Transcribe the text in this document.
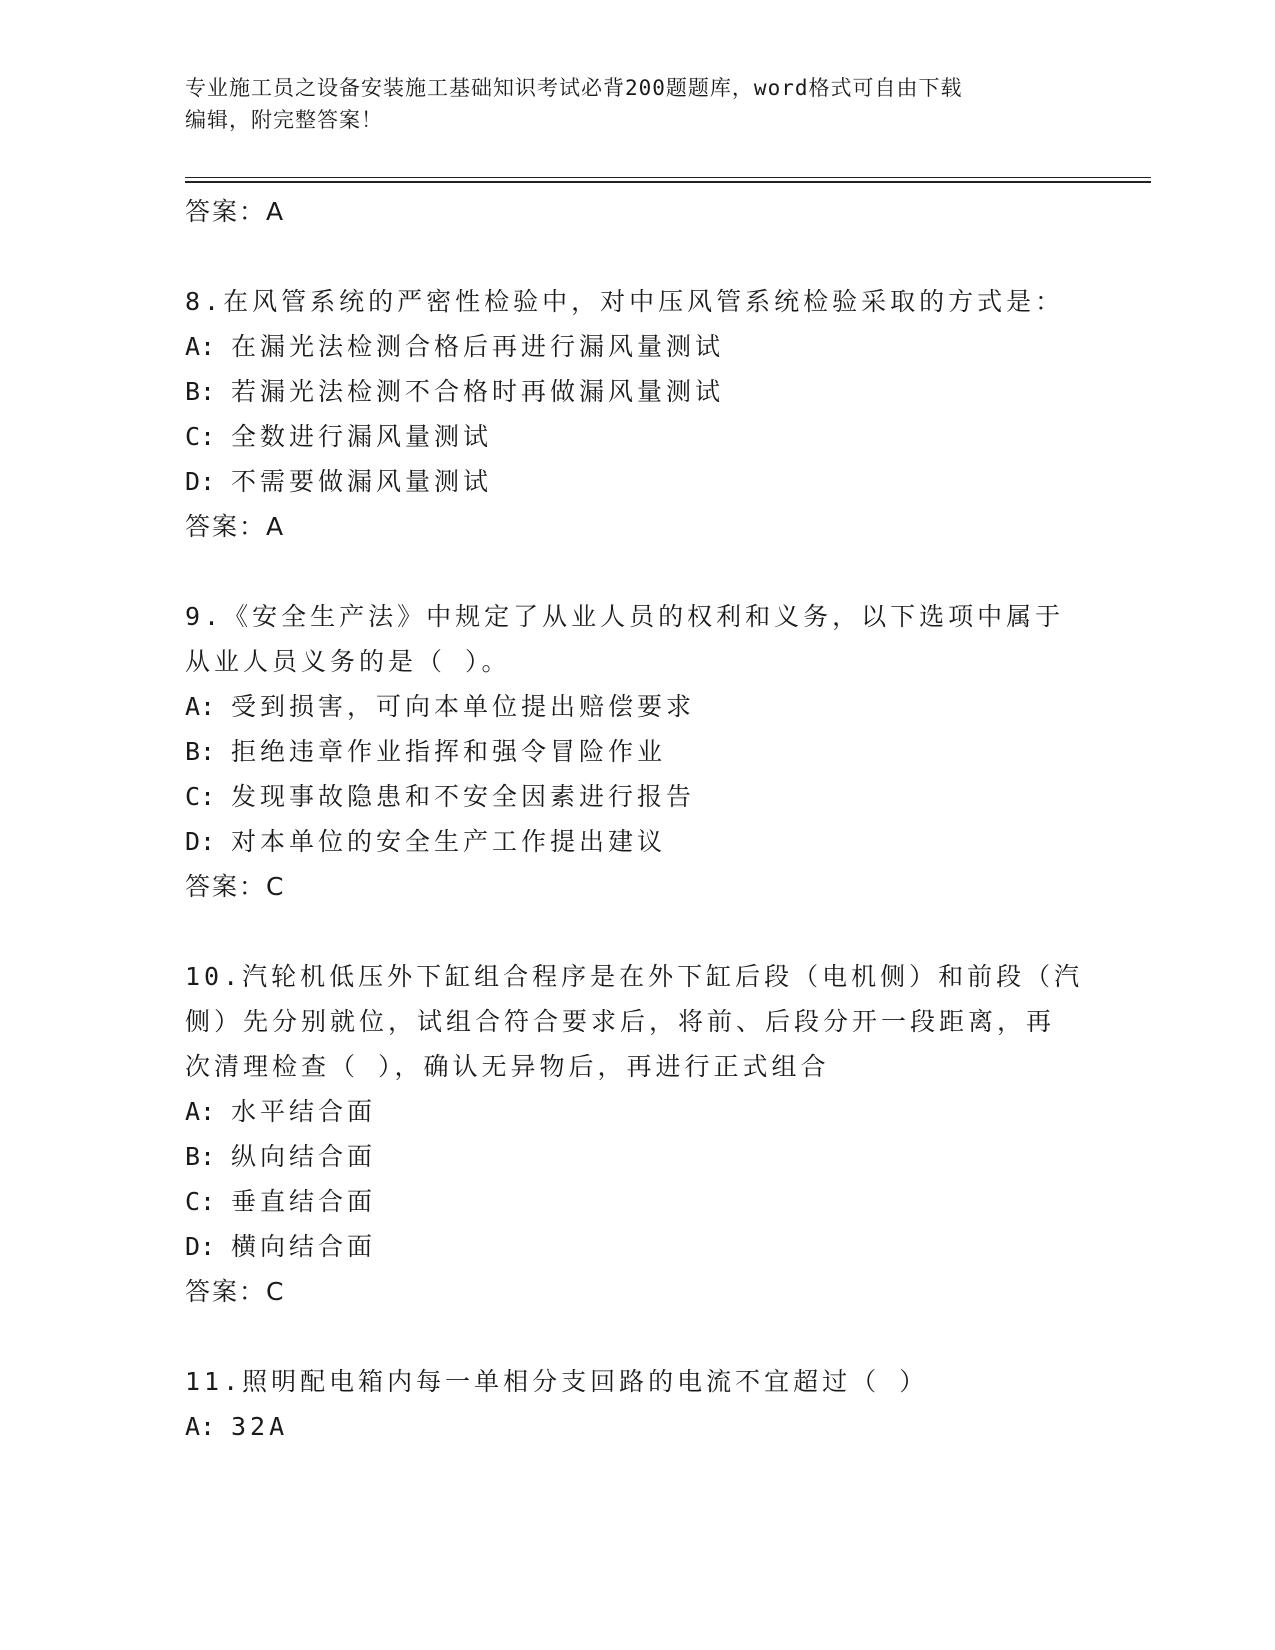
专业施工员之设备安装施工基础知识考试必背200题题库，word格式可自由下载
编辑，附完整答案！
答案：A
8.在风管系统的严密性检验中，对中压风管系统检验采取的方式是：
A: 在漏光法检测合格后再进行漏风量测试
B: 若漏光法检测不合格时再做漏风量测试
C: 全数进行漏风量测试
D: 不需要做漏风量测试
答案：A
9.《安全生产法》中规定了从业人员的权利和义务，以下选项中属于
从业人员义务的是（ ）。
A: 受到损害，可向本单位提出赔偿要求
B: 拒绝违章作业指挥和强令冒险作业
C: 发现事故隐患和不安全因素进行报告
D: 对本单位的安全生产工作提出建议
答案：C
10.汽轮机低压外下缸组合程序是在外下缸后段（电机侧）和前段（汽
侧）先分别就位，试组合符合要求后，将前、后段分开一段距离，再
次清理检查（ ），确认无异物后，再进行正式组合
A: 水平结合面
B: 纵向结合面
C: 垂直结合面
D: 横向结合面
答案：C
11.照明配电箱内每一单相分支回路的电流不宜超过（ ）
A: 32A
